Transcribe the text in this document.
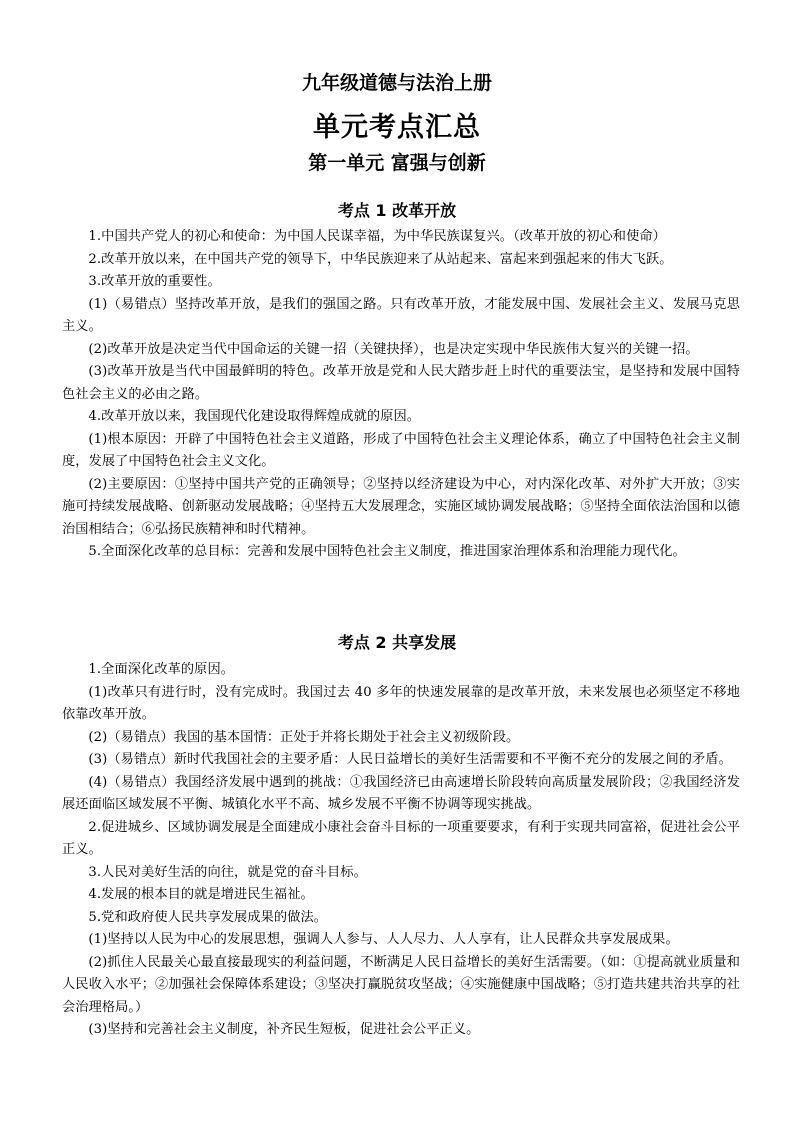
九年级道德与法治上册
单元考点汇总
第一单元 富强与创新
考点 1 改革开放

1.中国共产党人的初心和使命：为中国人民谋幸福，为中华民族谋复兴。（改革开放的初心和使命）

2.改革开放以来，在中国共产党的领导下，中华民族迎来了从站起来、富起来到强起来的伟大飞跃。

3.改革开放的重要性。

(1)（易错点）坚持改革开放，是我们的强国之路。只有改革开放，才能发展中国、发展社会主义、发展马克思主义。

(2)改革开放是决定当代中国命运的关键一招（关键抉择），也是决定实现中华民族伟大复兴的关键一招。

(3)改革开放是当代中国最鲜明的特色。改革开放是党和人民大踏步赶上时代的重要法宝，是坚持和发展中国特色社会主义的必由之路。

4.改革开放以来，我国现代化建设取得辉煌成就的原因。

(1)根本原因：开辟了中国特色社会主义道路，形成了中国特色社会主义理论体系，确立了中国特色社会主义制度，发展了中国特色社会主义文化。

(2)主要原因：①坚持中国共产党的正确领导；②坚持以经济建设为中心，对内深化改革、对外扩大开放；③实施可持续发展战略、创新驱动发展战略；④坚持五大发展理念，实施区域协调发展战略；⑤坚持全面依法治国和以德治国相结合；⑥弘扬民族精神和时代精神。

5.全面深化改革的总目标：完善和发展中国特色社会主义制度，推进国家治理体系和治理能力现代化。

考点 2 共享发展

1.全面深化改革的原因。

(1)改革只有进行时，没有完成时。我国过去 40 多年的快速发展靠的是改革开放，未来发展也必须坚定不移地依靠改革开放。

(2)（易错点）我国的基本国情：正处于并将长期处于社会主义初级阶段。

(3)（易错点）新时代我国社会的主要矛盾：人民日益增长的美好生活需要和不平衡不充分的发展之间的矛盾。

(4)（易错点）我国经济发展中遇到的挑战：①我国经济已由高速增长阶段转向高质量发展阶段；②我国经济发展还面临区域发展不平衡、城镇化水平不高、城乡发展不平衡不协调等现实挑战。

2.促进城乡、区域协调发展是全面建成小康社会奋斗目标的一项重要要求，有利于实现共同富裕，促进社会公平正义。

3.人民对美好生活的向往，就是党的奋斗目标。

4.发展的根本目的就是增进民生福祉。

5.党和政府使人民共享发展成果的做法。

(1)坚持以人民为中心的发展思想，强调人人参与、人人尽力、人人享有，让人民群众共享发展成果。

(2)抓住人民最关心最直接最现实的利益问题，不断满足人民日益增长的美好生活需要。（如：①提高就业质量和人民收入水平；②加强社会保障体系建设；③坚决打赢脱贫攻坚战；④实施健康中国战略；⑤打造共建共治共享的社会治理格局。）

(3)坚持和完善社会主义制度，补齐民生短板，促进社会公平正义。
